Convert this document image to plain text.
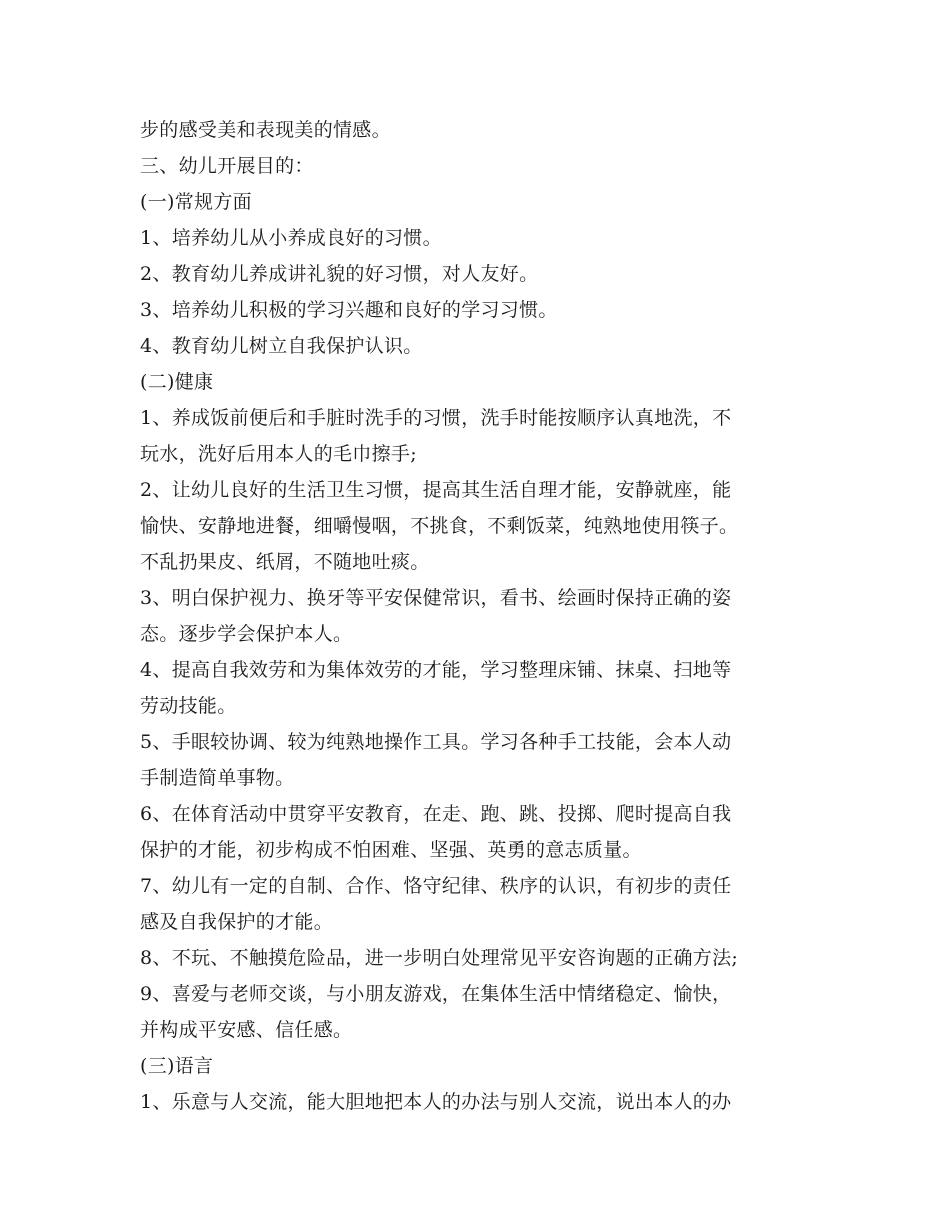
步的感受美和表现美的情感。
三、幼儿开展目的：
(一)常规方面
1、培养幼儿从小养成良好的习惯。
2、教育幼儿养成讲礼貌的好习惯，对人友好。
3、培养幼儿积极的学习兴趣和良好的学习习惯。
4、教育幼儿树立自我保护认识。
(二)健康
1、养成饭前便后和手脏时洗手的习惯，洗手时能按顺序认真地洗，不
玩水，洗好后用本人的毛巾擦手;
2、让幼儿良好的生活卫生习惯，提高其生活自理才能，安静就座，能
愉快、安静地进餐，细嚼慢咽，不挑食，不剩饭菜，纯熟地使用筷子。
不乱扔果皮、纸屑，不随地吐痰。
3、明白保护视力、换牙等平安保健常识，看书、绘画时保持正确的姿
态。逐步学会保护本人。
4、提高自我效劳和为集体效劳的才能，学习整理床铺、抹桌、扫地等
劳动技能。
5、手眼较协调、较为纯熟地操作工具。学习各种手工技能，会本人动
手制造简单事物。
6、在体育活动中贯穿平安教育，在走、跑、跳、投掷、爬时提高自我
保护的才能，初步构成不怕困难、坚强、英勇的意志质量。
7、幼儿有一定的自制、合作、恪守纪律、秩序的认识，有初步的责任
感及自我保护的才能。
8、不玩、不触摸危险品，进一步明白处理常见平安咨询题的正确方法;
9、喜爱与老师交谈，与小朋友游戏，在集体生活中情绪稳定、愉快，
并构成平安感、信任感。
(三)语言
1、乐意与人交流，能大胆地把本人的办法与别人交流，说出本人的办
